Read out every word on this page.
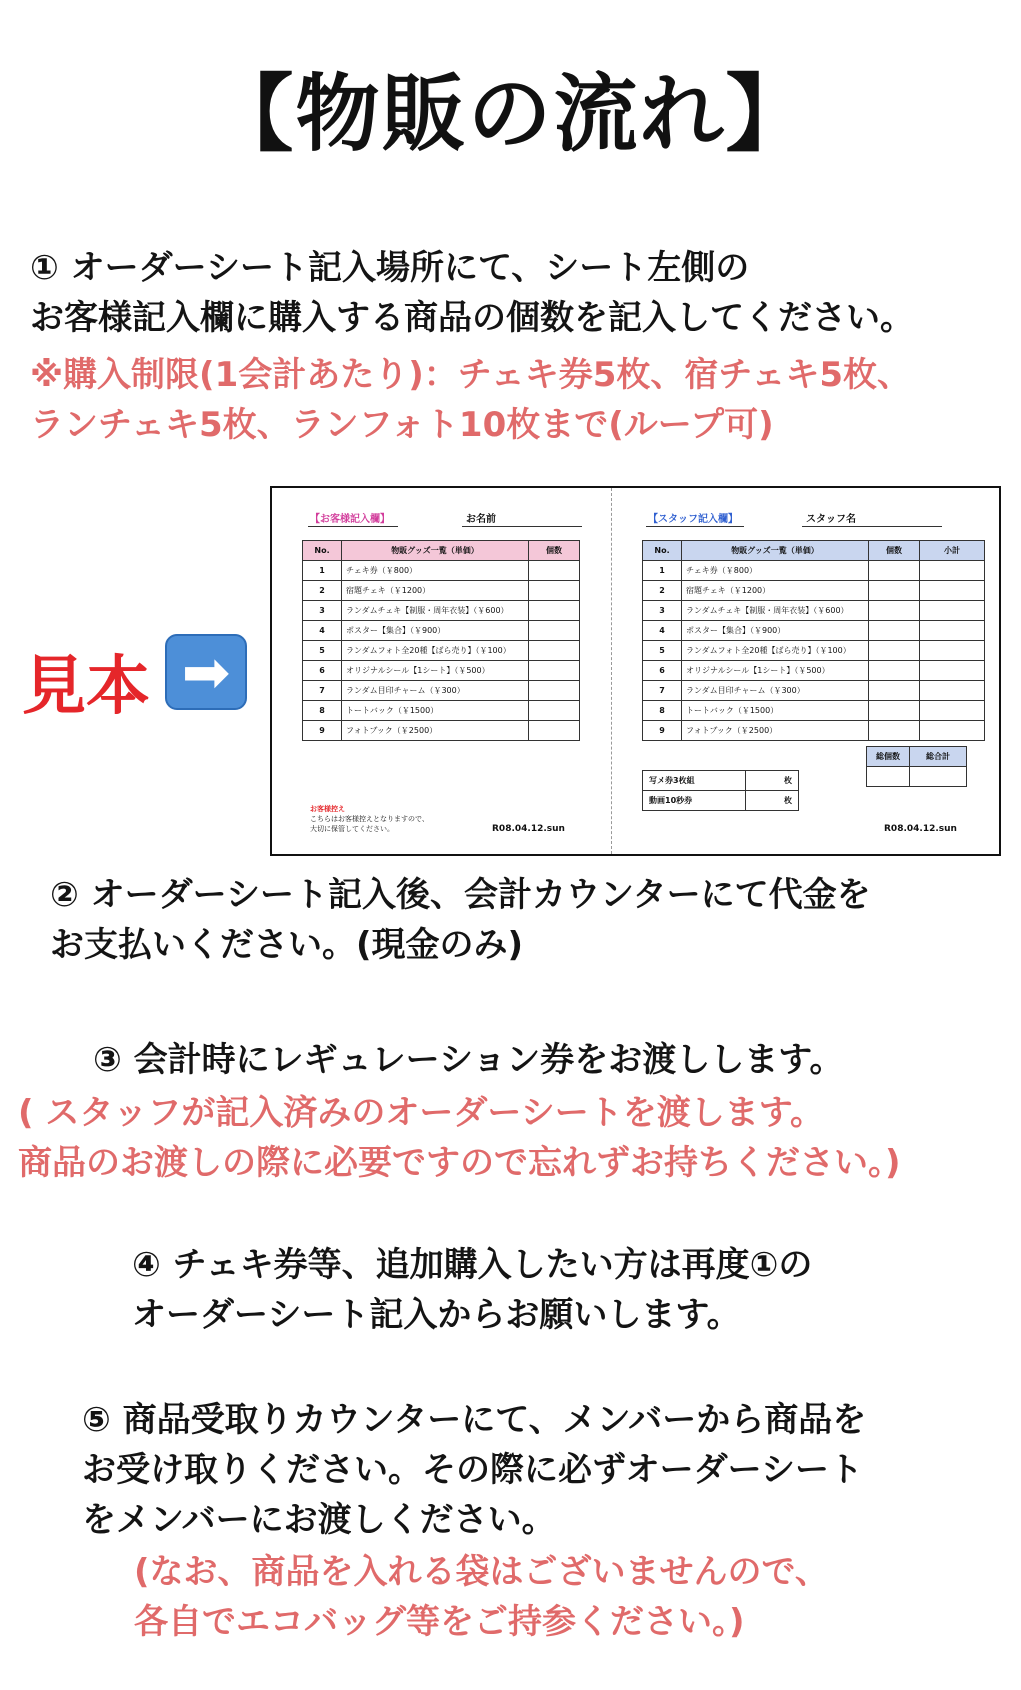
【物販の流れ】
① オーダーシート記入場所にて、シート左側の
お客様記入欄に購入する商品の個数を記入してください。
※購入制限(1会計あたり)：チェキ券5枚、宿チェキ5枚、
ランチェキ5枚、ランフォト10枚まで(ループ可)
見本 ➡
【お客様記入欄】	お名前
No.	物販グッズ一覧（単価）	個数
1	チェキ券（￥800）	
2	宿題チェキ（￥1200）	
3	ランダムチェキ【制服・周年衣装】（￥600）	
4	ポスター【集合】（￥900）	
5	ランダムフォト全20種【ばら売り】（￥100）	
6	オリジナルシール【1シート】（￥500）	
7	ランダム目印チャーム（￥300）	
8	トートバック（￥1500）	
9	フォトブック（￥2500）	
お客様控え
こちらはお客様控えとなりますので、
大切に保管してください。	R08.04.12.sun
【スタッフ記入欄】	スタッフ名
No.	物販グッズ一覧（単価）	個数	小計
1	チェキ券（￥800）		
2	宿題チェキ（￥1200）		
3	ランダムチェキ【制服・周年衣装】（￥600）		
4	ポスター【集合】（￥900）		
5	ランダムフォト全20種【ばら売り】（￥100）		
6	オリジナルシール【1シート】（￥500）		
7	ランダム目印チャーム（￥300）		
8	トートバック（￥1500）		
9	フォトブック（￥2500）		
総個数	総合計

写メ券3枚組	枚
動画10秒券	枚
R08.04.12.sun
② オーダーシート記入後、会計カウンターにて代金を
お支払いください。(現金のみ)
③ 会計時にレギュレーション券をお渡しします。
( スタッフが記入済みのオーダーシートを渡します。
商品のお渡しの際に必要ですので忘れずお持ちください。)
④ チェキ券等、追加購入したい方は再度①の
オーダーシート記入からお願いします。
⑤ 商品受取りカウンターにて、メンバーから商品を
お受け取りください。その際に必ずオーダーシート
をメンバーにお渡しください。
(なお、商品を入れる袋はございませんので、
各自でエコバッグ等をご持参ください。)
